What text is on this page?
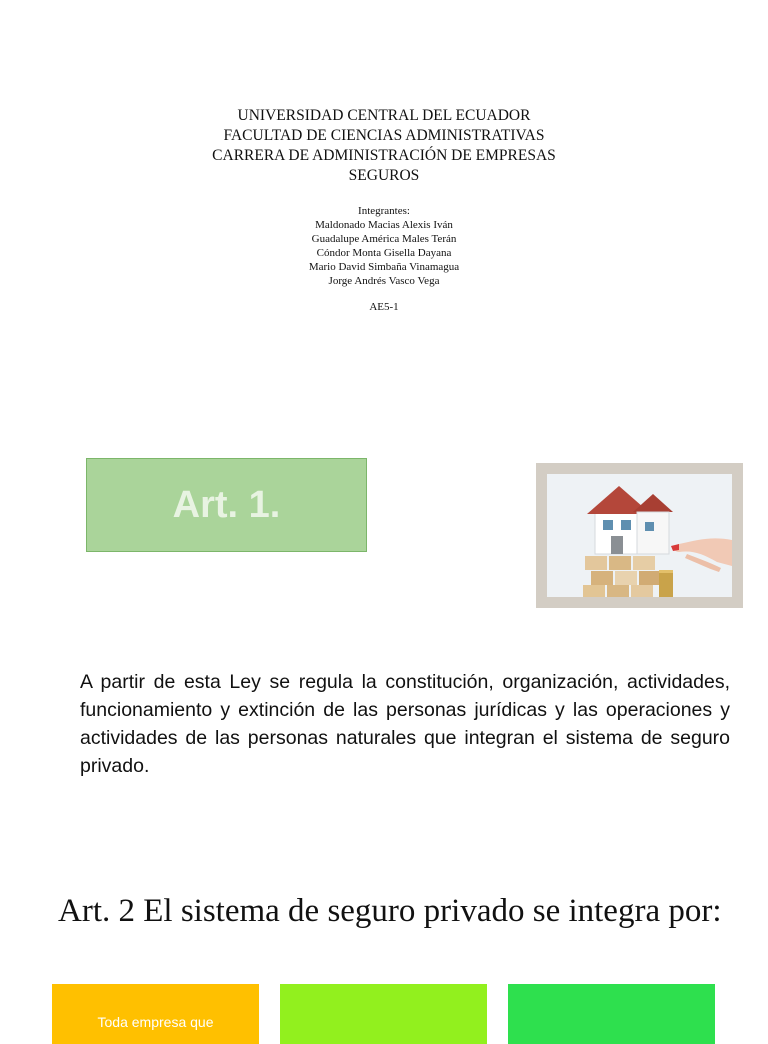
UNIVERSIDAD CENTRAL DEL ECUADOR
FACULTAD DE CIENCIAS ADMINISTRATIVAS
CARRERA DE ADMINISTRACIÓN DE EMPRESAS
SEGUROS
Integrantes:
Maldonado Macias Alexis Iván
Guadalupe América Males Terán
Cóndor Monta Gisella Dayana
Mario David Simbaña Vinamagua
Jorge Andrés Vasco Vega
AE5-1
Art. 1.
A partir de esta Ley se regula la constitución, organización, actividades, funcionamiento y extinción de las personas jurídicas y las operaciones y actividades de las personas naturales que integran el sistema de seguro privado.
Art. 2 El sistema de seguro privado se integra por:
Toda empresa que
